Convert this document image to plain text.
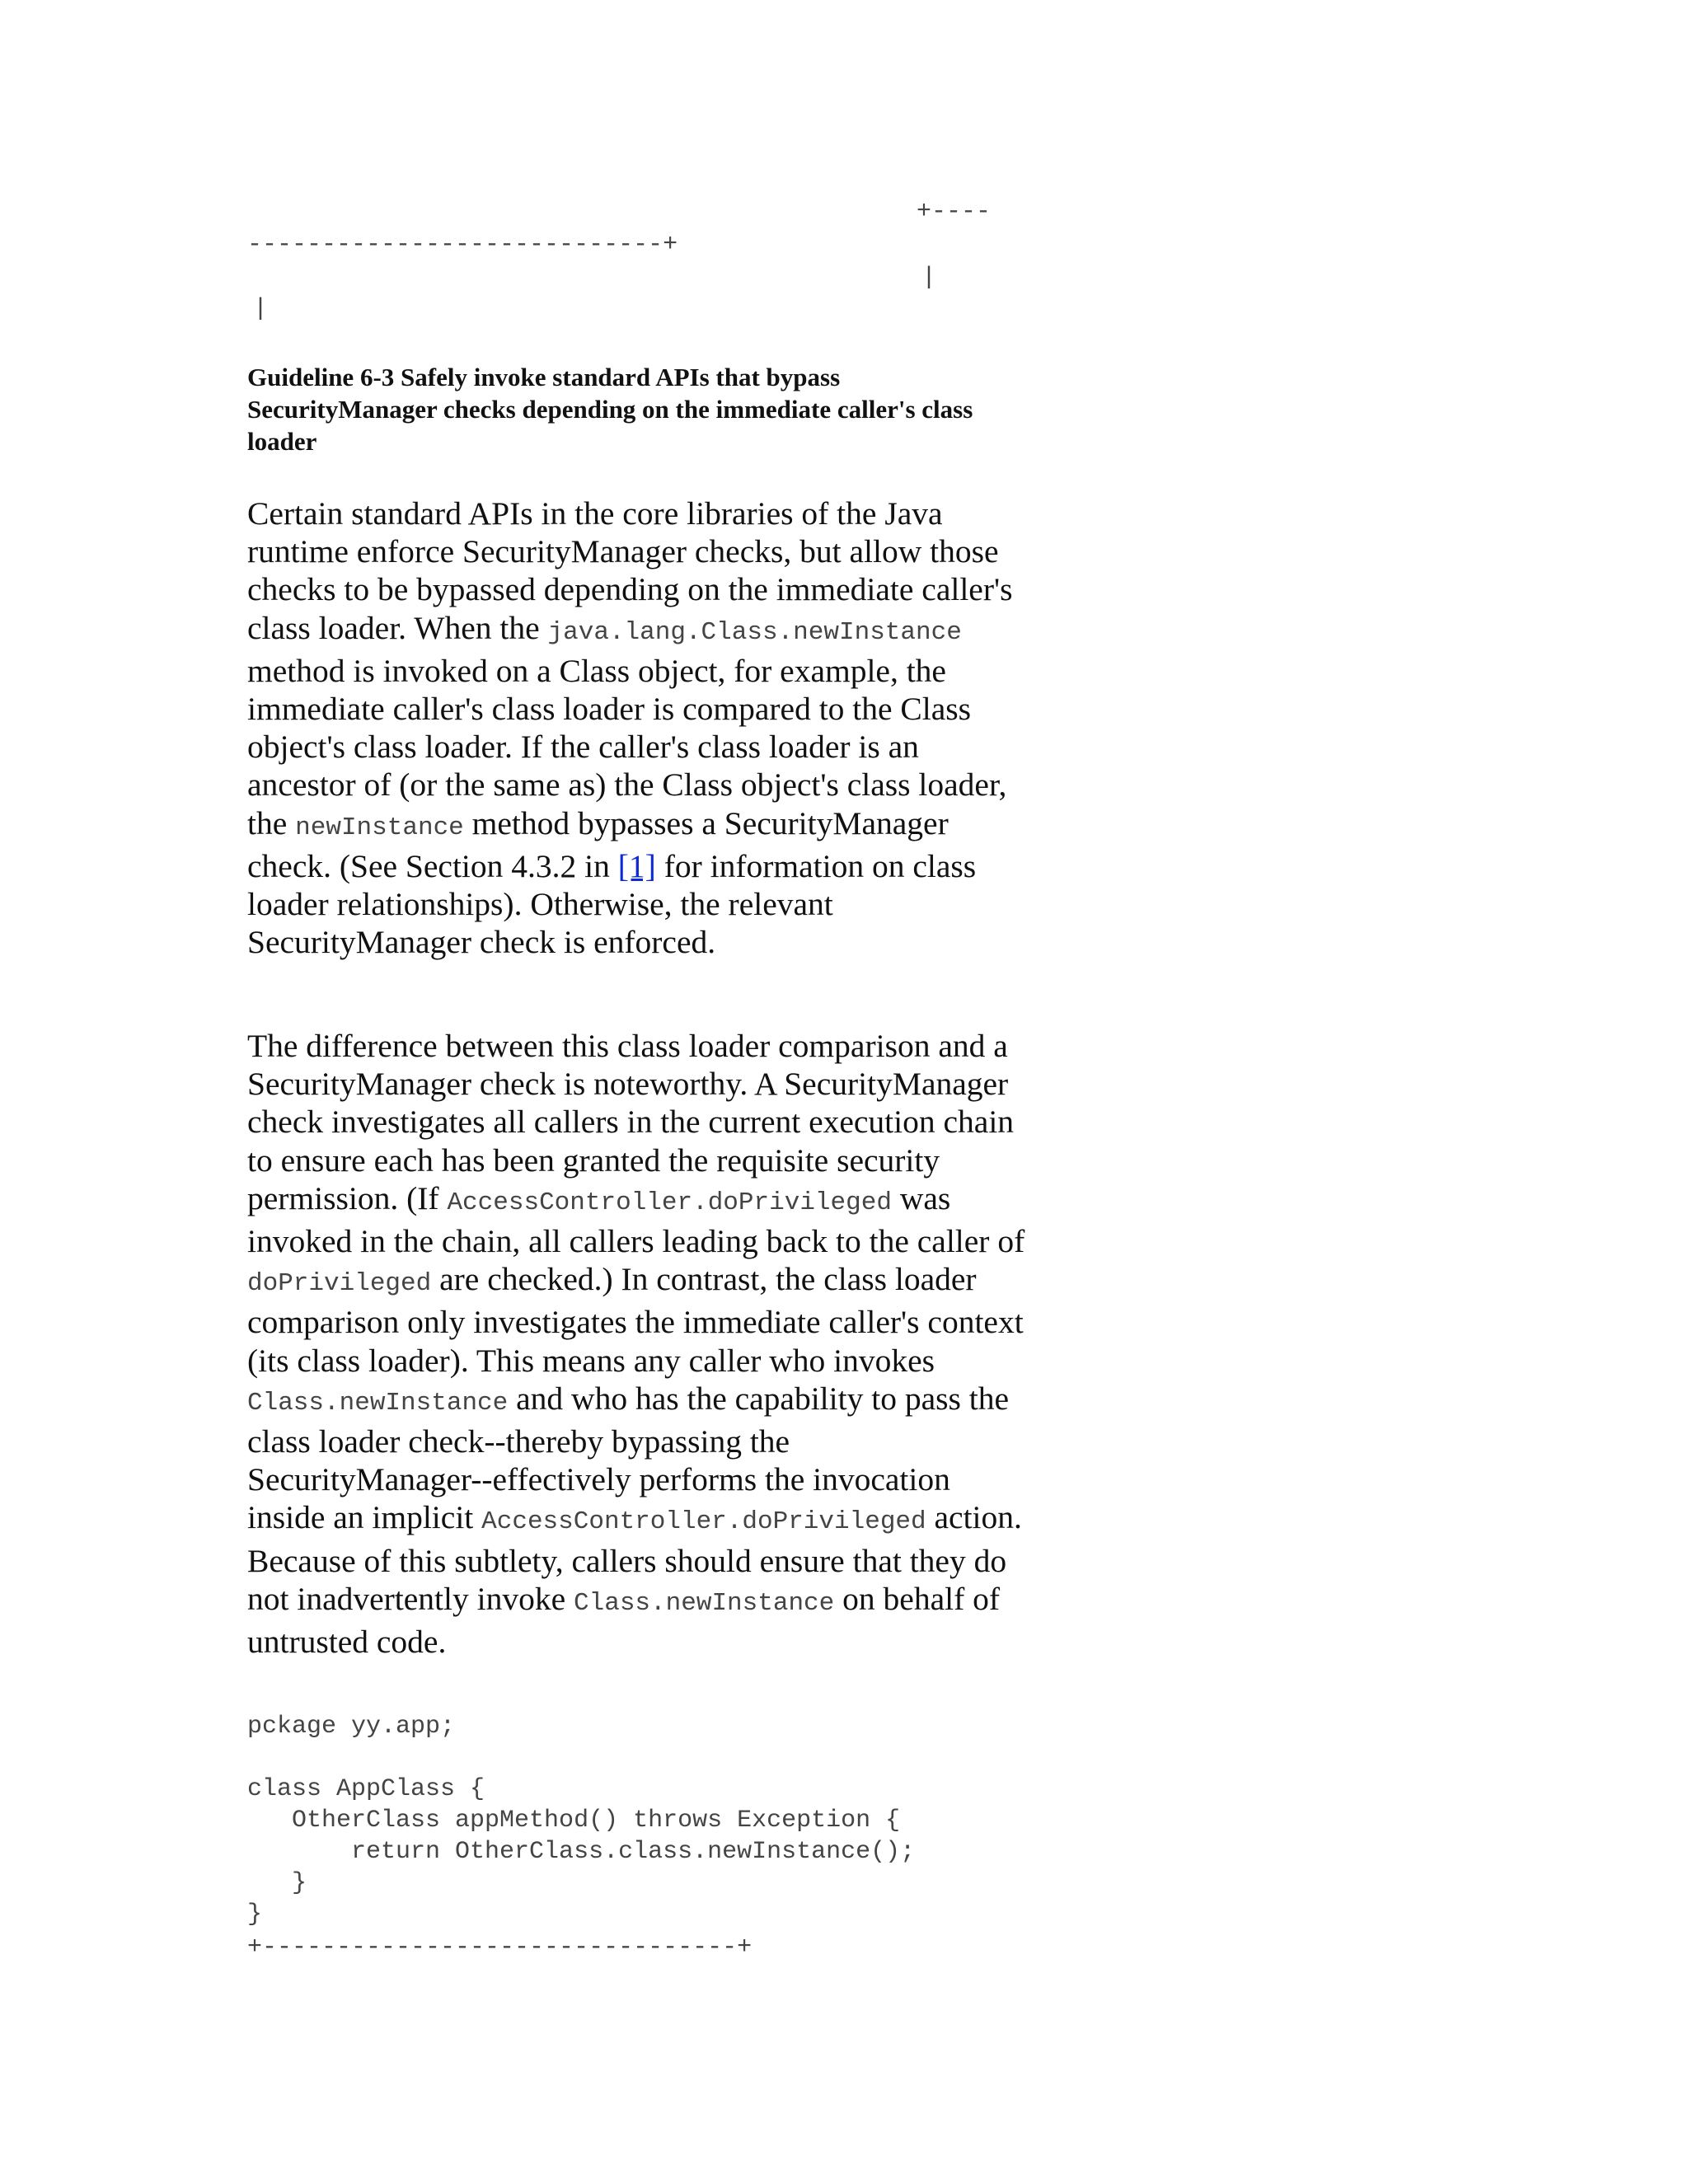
+----
----------------------------+
|
|
Guideline 6-3 Safely invoke standard APIs that bypass SecurityManager checks depending on the immediate caller's class loader

Certain standard APIs in the core libraries of the Java runtime enforce SecurityManager checks, but allow those checks to be bypassed depending on the immediate caller's class loader. When the java.lang.Class.newInstance method is invoked on a Class object, for example, the immediate caller's class loader is compared to the Class object's class loader. If the caller's class loader is an ancestor of (or the same as) the Class object's class loader, the newInstance method bypasses a SecurityManager check. (See Section 4.3.2 in [1] for information on class loader relationships). Otherwise, the relevant SecurityManager check is enforced.

The difference between this class loader comparison and a SecurityManager check is noteworthy. A SecurityManager check investigates all callers in the current execution chain to ensure each has been granted the requisite security permission. (If AccessController.doPrivileged was invoked in the chain, all callers leading back to the caller of doPrivileged are checked.) In contrast, the class loader comparison only investigates the immediate caller's context (its class loader). This means any caller who invokes Class.newInstance and who has the capability to pass the class loader check--thereby bypassing the SecurityManager--effectively performs the invocation inside an implicit AccessController.doPrivileged action. Because of this subtlety, callers should ensure that they do not inadvertently invoke Class.newInstance on behalf of untrusted code.

pckage yy.app;

class AppClass {
OtherClass appMethod() throws Exception {
return OtherClass.class.newInstance();
}
}
+--------------------------------+
